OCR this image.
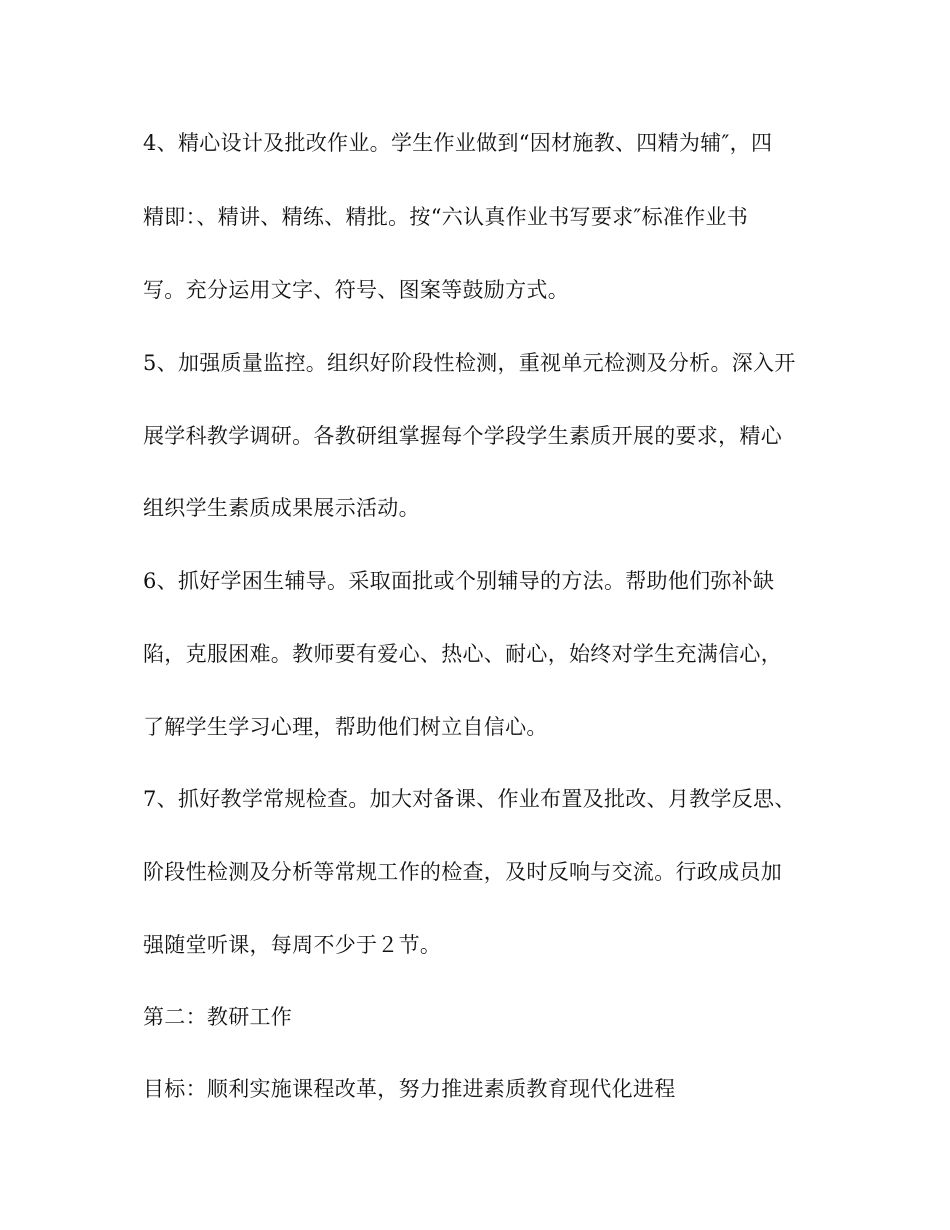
4、精心设计及批改作业。学生作业做到“因材施教、四精为辅″，四
精即：、精讲、精练、精批。按“六认真作业书写要求″标准作业书
写。充分运用文字、符号、图案等鼓励方式。
5、加强质量监控。组织好阶段性检测，重视单元检测及分析。深入开
展学科教学调研。各教研组掌握每个学段学生素质开展的要求，精心
组织学生素质成果展示活动。
6、抓好学困生辅导。采取面批或个别辅导的方法。帮助他们弥补缺
陷，克服困难。教师要有爱心、热心、耐心，始终对学生充满信心，
了解学生学习心理，帮助他们树立自信心。
7、抓好教学常规检查。加大对备课、作业布置及批改、月教学反思、
阶段性检测及分析等常规工作的检查，及时反响与交流。行政成员加
强随堂听课，每周不少于２节。
第二：教研工作
目标：顺利实施课程改革，努力推进素质教育现代化进程
